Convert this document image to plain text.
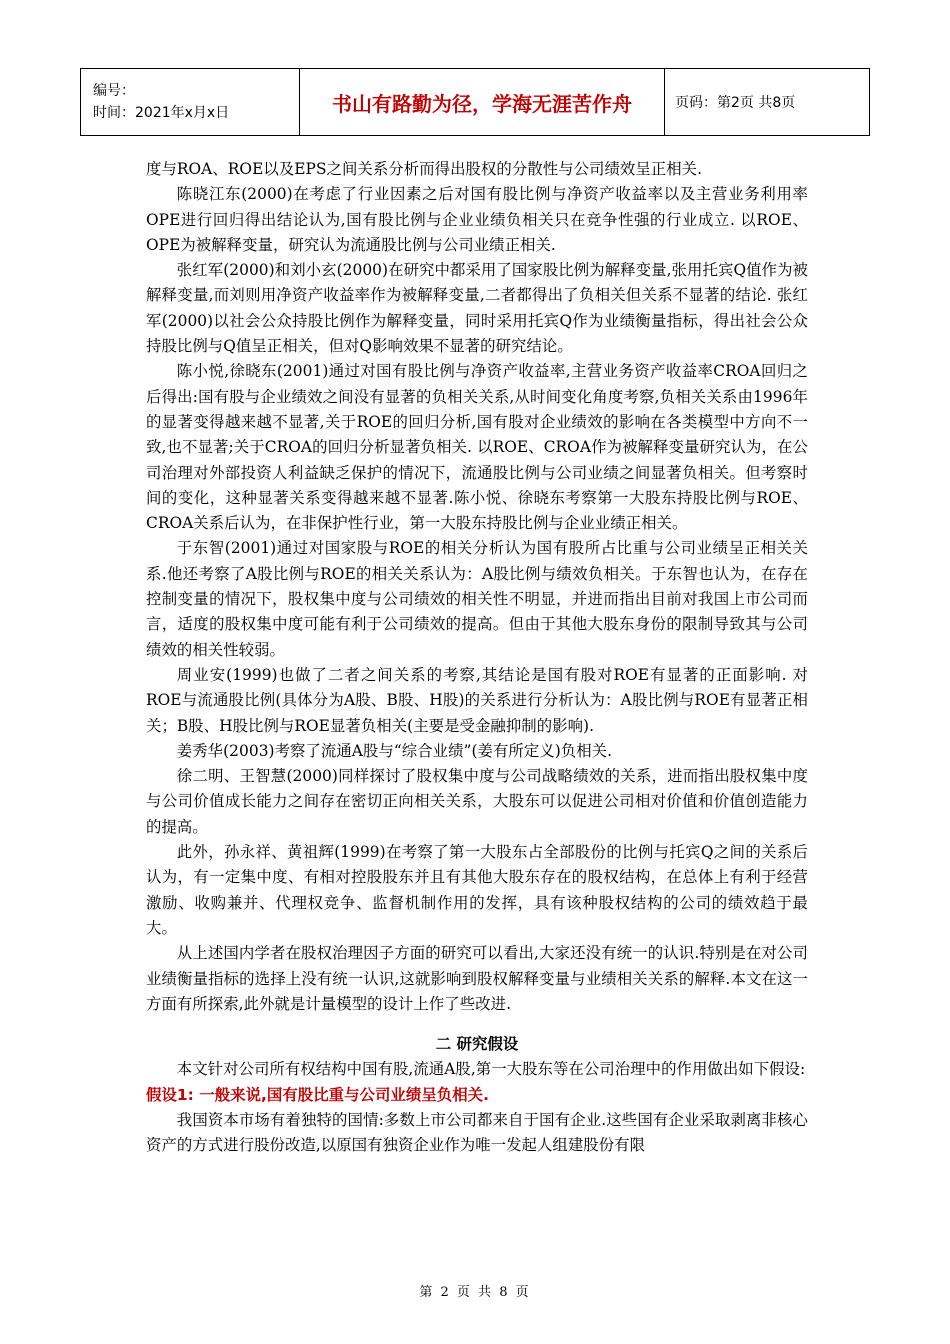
编号：
时间：2021年x月x日	书山有路勤为径，学海无涯苦作舟	页码：第2页 共8页

度与ROA、ROE以及EPS之间关系分析而得出股权的分散性与公司绩效呈正相关.

陈晓江东(2000)在考虑了行业因素之后对国有股比例与净资产收益率以及主营业务利用率OPE进行回归得出结论认为,国有股比例与企业业绩负相关只在竞争性强的行业成立. 以ROE、OPE为被解释变量，研究认为流通股比例与公司业绩正相关.

张红军(2000)和刘小玄(2000)在研究中都采用了国家股比例为解释变量,张用托宾Q值作为被解释变量,而刘则用净资产收益率作为被解释变量,二者都得出了负相关但关系不显著的结论. 张红军(2000)以社会公众持股比例作为解释变量，同时采用托宾Q作为业绩衡量指标，得出社会公众持股比例与Q值呈正相关，但对Q影响效果不显著的研究结论。

陈小悦,徐晓东(2001)通过对国有股比例与净资产收益率,主营业务资产收益率CROA回归之后得出:国有股与企业绩效之间没有显著的负相关关系,从时间变化角度考察,负相关关系由1996年的显著变得越来越不显著,关于ROE的回归分析,国有股对企业绩效的影响在各类模型中方向不一致,也不显著;关于CROA的回归分析显著负相关. 以ROE、CROA作为被解释变量研究认为，在公司治理对外部投资人利益缺乏保护的情况下，流通股比例与公司业绩之间显著负相关。但考察时间的变化，这种显著关系变得越来越不显著.陈小悦、徐晓东考察第一大股东持股比例与ROE、CROA关系后认为，在非保护性行业，第一大股东持股比例与企业业绩正相关。

于东智(2001)通过对国家股与ROE的相关分析认为国有股所占比重与公司业绩呈正相关关系.他还考察了A股比例与ROE的相关关系认为：A股比例与绩效负相关。于东智也认为，在存在控制变量的情况下，股权集中度与公司绩效的相关性不明显，并进而指出目前对我国上市公司而言，适度的股权集中度可能有利于公司绩效的提高。但由于其他大股东身份的限制导致其与公司绩效的相关性较弱。

周业安(1999)也做了二者之间关系的考察,其结论是国有股对ROE有显著的正面影响. 对ROE与流通股比例(具体分为A股、B股、H股)的关系进行分析认为：A股比例与ROE有显著正相关；B股、H股比例与ROE显著负相关(主要是受金融抑制的影响).

姜秀华(2003)考察了流通A股与“综合业绩”(姜有所定义)负相关.

徐二明、王智慧(2000)同样探讨了股权集中度与公司战略绩效的关系，进而指出股权集中度与公司价值成长能力之间存在密切正向相关关系，大股东可以促进公司相对价值和价值创造能力的提高。

此外，孙永祥、黄祖辉(1999)在考察了第一大股东占全部股份的比例与托宾Q之间的关系后认为，有一定集中度、有相对控股股东并且有其他大股东存在的股权结构，在总体上有利于经营激励、收购兼并、代理权竞争、监督机制作用的发挥，具有该种股权结构的公司的绩效趋于最大。

从上述国内学者在股权治理因子方面的研究可以看出,大家还没有统一的认识.特别是在对公司业绩衡量指标的选择上没有统一认识,这就影响到股权解释变量与业绩相关关系的解释.本文在这一方面有所探索,此外就是计量模型的设计上作了些改进.

二 研究假设

本文针对公司所有权结构中国有股,流通A股,第一大股东等在公司治理中的作用做出如下假设:

假设1: 一般来说,国有股比重与公司业绩呈负相关.

我国资本市场有着独特的国情:多数上市公司都来自于国有企业.这些国有企业采取剥离非核心资产的方式进行股份改造,以原国有独资企业作为唯一发起人组建股份有限

第 2 页 共 8 页
